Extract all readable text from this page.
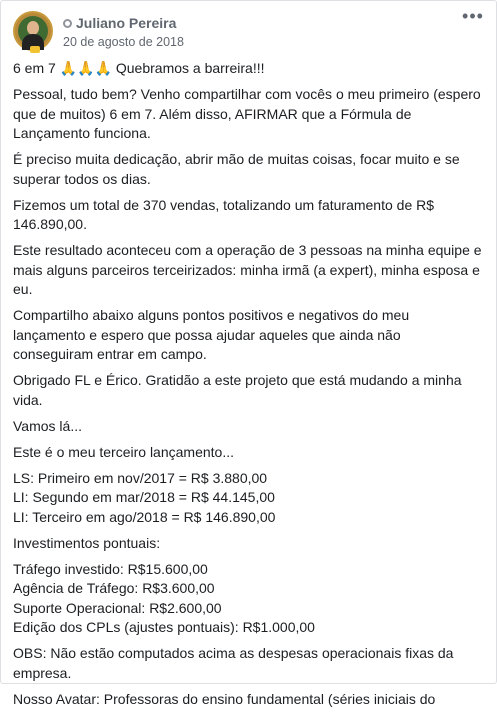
Juliano Pereira
20 de agosto de 2018
•••

6 em 7 🙏🙏🙏 Quebramos a barreira!!!

Pessoal, tudo bem? Venho compartilhar com vocês o meu primeiro (espero que de muitos) 6 em 7. Além disso, AFIRMAR que a Fórmula de Lançamento funciona.

É preciso muita dedicação, abrir mão de muitas coisas, focar muito e se superar todos os dias.

Fizemos um total de 370 vendas, totalizando um faturamento de R$ 146.890,00.

Este resultado aconteceu com a operação de 3 pessoas na minha equipe e mais alguns parceiros terceirizados: minha irmã (a expert), minha esposa e eu.

Compartilho abaixo alguns pontos positivos e negativos do meu lançamento e espero que possa ajudar aqueles que ainda não conseguiram entrar em campo.

Obrigado FL e Érico. Gratidão a este projeto que está mudando a minha vida.

Vamos lá...

Este é o meu terceiro lançamento...

LS: Primeiro em nov/2017 = R$ 3.880,00
LI: Segundo em mar/2018 = R$ 44.145,00
LI: Terceiro em ago/2018 = R$ 146.890,00

Investimentos pontuais:

Tráfego investido: R$15.600,00
Agência de Tráfego: R$3.600,00
Suporte Operacional: R$2.600,00
Edição dos CPLs (ajustes pontuais): R$1.000,00

OBS: Não estão computados acima as despesas operacionais fixas da empresa.

Nosso Avatar: Professoras do ensino fundamental (séries iniciais do
